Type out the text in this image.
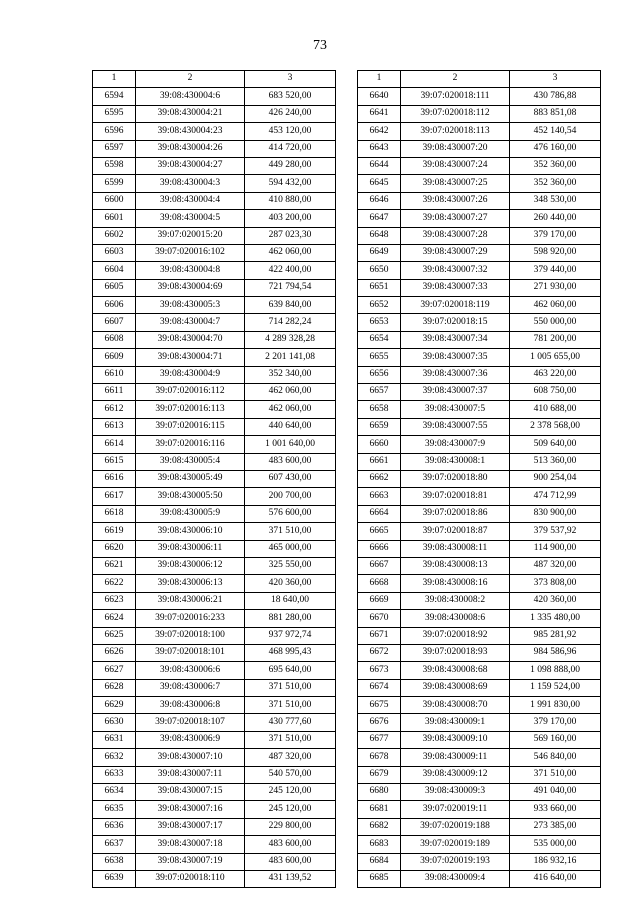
73
1	2	3
6594	39:08:430004:6	683 520,00
6595	39:08:430004:21	426 240,00
6596	39:08:430004:23	453 120,00
6597	39:08:430004:26	414 720,00
6598	39:08:430004:27	449 280,00
6599	39:08:430004:3	594 432,00
6600	39:08:430004:4	410 880,00
6601	39:08:430004:5	403 200,00
6602	39:07:020015:20	287 023,30
6603	39:07:020016:102	462 060,00
6604	39:08:430004:8	422 400,00
6605	39:08:430004:69	721 794,54
6606	39:08:430005:3	639 840,00
6607	39:08:430004:7	714 282,24
6608	39:08:430004:70	4 289 328,28
6609	39:08:430004:71	2 201 141,08
6610	39:08:430004:9	352 340,00
6611	39:07:020016:112	462 060,00
6612	39:07:020016:113	462 060,00
6613	39:07:020016:115	440 640,00
6614	39:07:020016:116	1 001 640,00
6615	39:08:430005:4	483 600,00
6616	39:08:430005:49	607 430,00
6617	39:08:430005:50	200 700,00
6618	39:08:430005:9	576 600,00
6619	39:08:430006:10	371 510,00
6620	39:08:430006:11	465 000,00
6621	39:08:430006:12	325 550,00
6622	39:08:430006:13	420 360,00
6623	39:08:430006:21	18 640,00
6624	39:07:020016:233	881 280,00
6625	39:07:020018:100	937 972,74
6626	39:07:020018:101	468 995,43
6627	39:08:430006:6	695 640,00
6628	39:08:430006:7	371 510,00
6629	39:08:430006:8	371 510,00
6630	39:07:020018:107	430 777,60
6631	39:08:430006:9	371 510,00
6632	39:08:430007:10	487 320,00
6633	39:08:430007:11	540 570,00
6634	39:08:430007:15	245 120,00
6635	39:08:430007:16	245 120,00
6636	39:08:430007:17	229 800,00
6637	39:08:430007:18	483 600,00
6638	39:08:430007:19	483 600,00
6639	39:07:020018:110	431 139,52
1	2	3
6640	39:07:020018:111	430 786,88
6641	39:07:020018:112	883 851,08
6642	39:07:020018:113	452 140,54
6643	39:08:430007:20	476 160,00
6644	39:08:430007:24	352 360,00
6645	39:08:430007:25	352 360,00
6646	39:08:430007:26	348 530,00
6647	39:08:430007:27	260 440,00
6648	39:08:430007:28	379 170,00
6649	39:08:430007:29	598 920,00
6650	39:08:430007:32	379 440,00
6651	39:08:430007:33	271 930,00
6652	39:07:020018:119	462 060,00
6653	39:07:020018:15	550 000,00
6654	39:08:430007:34	781 200,00
6655	39:08:430007:35	1 005 655,00
6656	39:08:430007:36	463 220,00
6657	39:08:430007:37	608 750,00
6658	39:08:430007:5	410 688,00
6659	39:08:430007:55	2 378 568,00
6660	39:08:430007:9	509 640,00
6661	39:08:430008:1	513 360,00
6662	39:07:020018:80	900 254,04
6663	39:07:020018:81	474 712,99
6664	39:07:020018:86	830 900,00
6665	39:07:020018:87	379 537,92
6666	39:08:430008:11	114 900,00
6667	39:08:430008:13	487 320,00
6668	39:08:430008:16	373 808,00
6669	39:08:430008:2	420 360,00
6670	39:08:430008:6	1 335 480,00
6671	39:07:020018:92	985 281,92
6672	39:07:020018:93	984 586,96
6673	39:08:430008:68	1 098 888,00
6674	39:08:430008:69	1 159 524,00
6675	39:08:430008:70	1 991 830,00
6676	39:08:430009:1	379 170,00
6677	39:08:430009:10	569 160,00
6678	39:08:430009:11	546 840,00
6679	39:08:430009:12	371 510,00
6680	39:08:430009:3	491 040,00
6681	39:07:020019:11	933 660,00
6682	39:07:020019:188	273 385,00
6683	39:07:020019:189	535 000,00
6684	39:07:020019:193	186 932,16
6685	39:08:430009:4	416 640,00
